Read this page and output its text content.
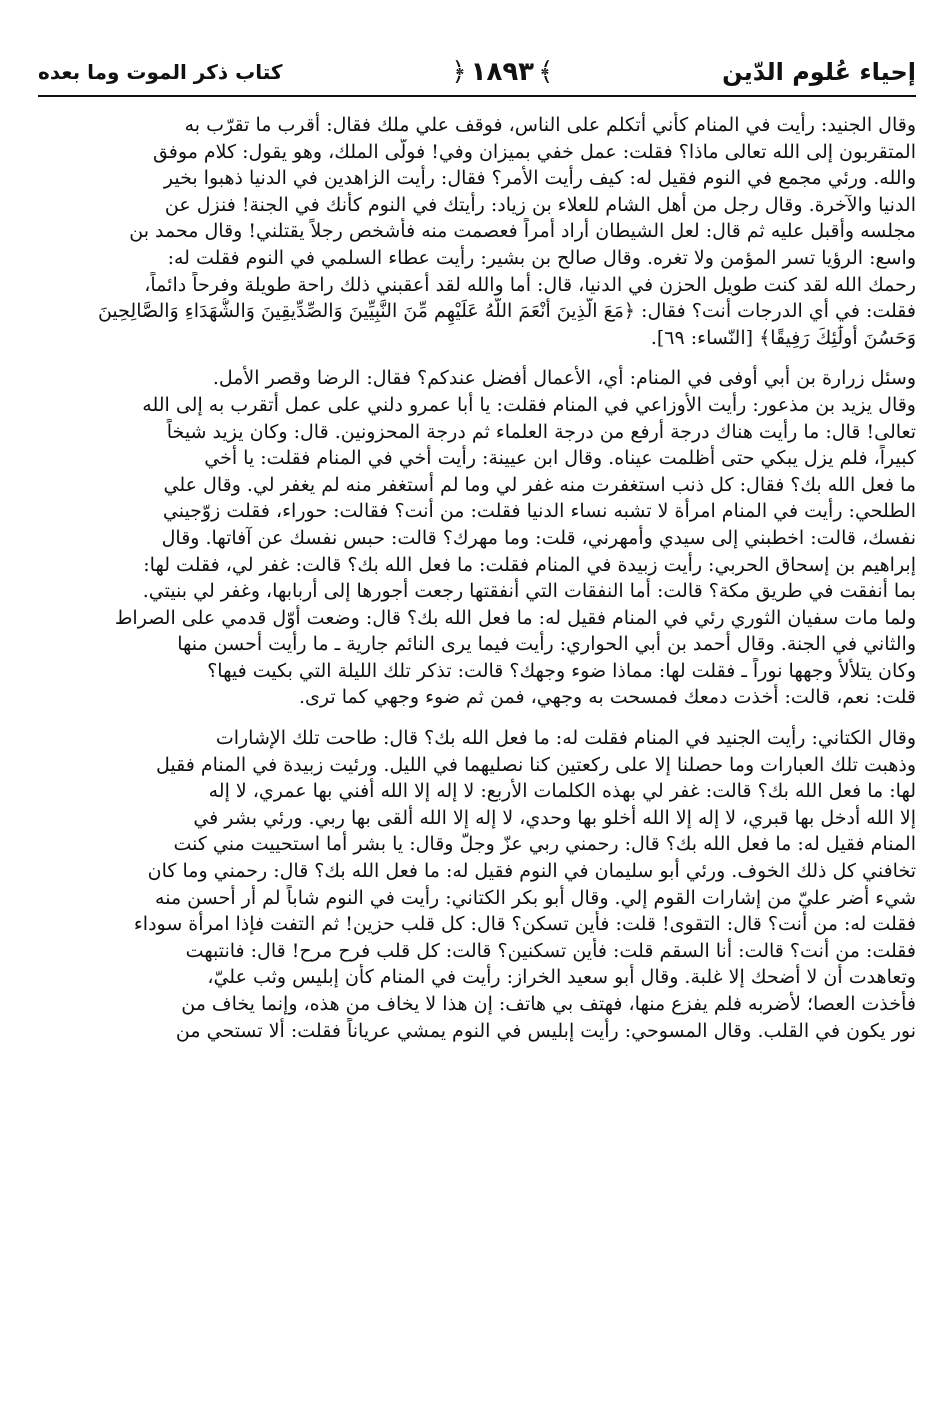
إحياء عُلوم الدّين
﴾١٨٩٣﴿
كتاب ذكر الموت وما بعده
وقال الجنيد: رأيت في المنام كأني أتكلم على الناس، فوقف علي ملك فقال: أقرب ما تقرّب به
المتقربون إلى الله تعالى ماذا؟ فقلت: عمل خفي بميزان وفي! فولّى الملك، وهو يقول: كلام موفق
والله. ورئي مجمع في النوم فقيل له: كيف رأيت الأمر؟ فقال: رأيت الزاهدين في الدنيا ذهبوا بخير
الدنيا والآخرة. وقال رجل من أهل الشام للعلاء بن زياد: رأيتك في النوم كأنك في الجنة! فنزل عن
مجلسه وأقبل عليه ثم قال: لعل الشيطان أراد أمراً فعصمت منه فأشخص رجلاً يقتلني! وقال محمد بن
واسع: الرؤيا تسر المؤمن ولا تغره. وقال صالح بن بشير: رأيت عطاء السلمي في النوم فقلت له:
رحمك الله لقد كنت طويل الحزن في الدنيا، قال: أما والله لقد أعقبني ذلك راحة طويلة وفرحاً دائماً،
فقلت: في أي الدرجات أنت؟ فقال: ﴿مَعَ الَّذِينَ أَنْعَمَ اللَّهُ عَلَيْهِم مِّنَ النَّبِيِّينَ وَالصِّدِّيقِينَ وَالشُّهَدَاءِ وَالصَّالِحِينَ
وَحَسُنَ أُولَٰئِكَ رَفِيقًا﴾ [النّساء: ٦٩].
وسئل زرارة بن أبي أوفى في المنام: أي، الأعمال أفضل عندكم؟ فقال: الرضا وقصر الأمل.
وقال يزيد بن مذعور: رأيت الأوزاعي في المنام فقلت: يا أبا عمرو دلني على عمل أتقرب به إلى الله
تعالى! قال: ما رأيت هناك درجة أرفع من درجة العلماء ثم درجة المحزونين. قال: وكان يزيد شيخاً
كبيراً، فلم يزل يبكي حتى أظلمت عيناه. وقال ابن عيينة: رأيت أخي في المنام فقلت: يا أخي
ما فعل الله بك؟ فقال: كل ذنب استغفرت منه غفر لي وما لم أستغفر منه لم يغفر لي. وقال علي
الطلحي: رأيت في المنام امرأة لا تشبه نساء الدنيا فقلت: من أنت؟ فقالت: حوراء، فقلت زوّجيني
نفسك، قالت: اخطبني إلى سيدي وأمهرني، قلت: وما مهرك؟ قالت: حبس نفسك عن آفاتها. وقال
إبراهيم بن إسحاق الحربي: رأيت زبيدة في المنام فقلت: ما فعل الله بك؟ قالت: غفر لي، فقلت لها:
بما أنفقت في طريق مكة؟ قالت: أما النفقات التي أنفقتها رجعت أجورها إلى أربابها، وغفر لي بنيتي.
ولما مات سفيان الثوري رئي في المنام فقيل له: ما فعل الله بك؟ قال: وضعت أوّل قدمي على الصراط
والثاني في الجنة. وقال أحمد بن أبي الحواري: رأيت فيما يرى النائم جارية ـ ما رأيت أحسن منها
وكان يتلألأ وجهها نوراً ـ فقلت لها: مماذا ضوء وجهك؟ قالت: تذكر تلك الليلة التي بكيت فيها؟
قلت: نعم، قالت: أخذت دمعك فمسحت به وجهي، فمن ثم ضوء وجهي كما ترى.
وقال الكتاني: رأيت الجنيد في المنام فقلت له: ما فعل الله بك؟ قال: طاحت تلك الإشارات
وذهبت تلك العبارات وما حصلنا إلا على ركعتين كنا نصليهما في الليل. ورئيت زبيدة في المنام فقيل
لها: ما فعل الله بك؟ قالت: غفر لي بهذه الكلمات الأربع: لا إله إلا الله أفني بها عمري، لا إله
إلا الله أدخل بها قبري، لا إله إلا الله أخلو بها وحدي، لا إله إلا الله ألقى بها ربي. ورئي بشر في
المنام فقيل له: ما فعل الله بك؟ قال: رحمني ربي عزّ وجلّ وقال: يا بشر أما استحييت مني كنت
تخافني كل ذلك الخوف. ورئي أبو سليمان في النوم فقيل له: ما فعل الله بك؟ قال: رحمني وما كان
شيء أضر عليّ من إشارات القوم إلي. وقال أبو بكر الكتاني: رأيت في النوم شاباً لم أر أحسن منه
فقلت له: من أنت؟ قال: التقوى! قلت: فأين تسكن؟ قال: كل قلب حزين! ثم التفت فإذا امرأة سوداء
فقلت: من أنت؟ قالت: أنا السقم قلت: فأين تسكنين؟ قالت: كل قلب فرح مرح! قال: فانتبهت
وتعاهدت أن لا أضحك إلا غلبة. وقال أبو سعيد الخراز: رأيت في المنام كأن إبليس وثب عليّ،
فأخذت العصا؛ لأضربه فلم يفزع منها، فهتف بي هاتف: إن هذا لا يخاف من هذه، وإنما يخاف من
نور يكون في القلب. وقال المسوحي: رأيت إبليس في النوم يمشي عرياناً فقلت: ألا تستحي من
